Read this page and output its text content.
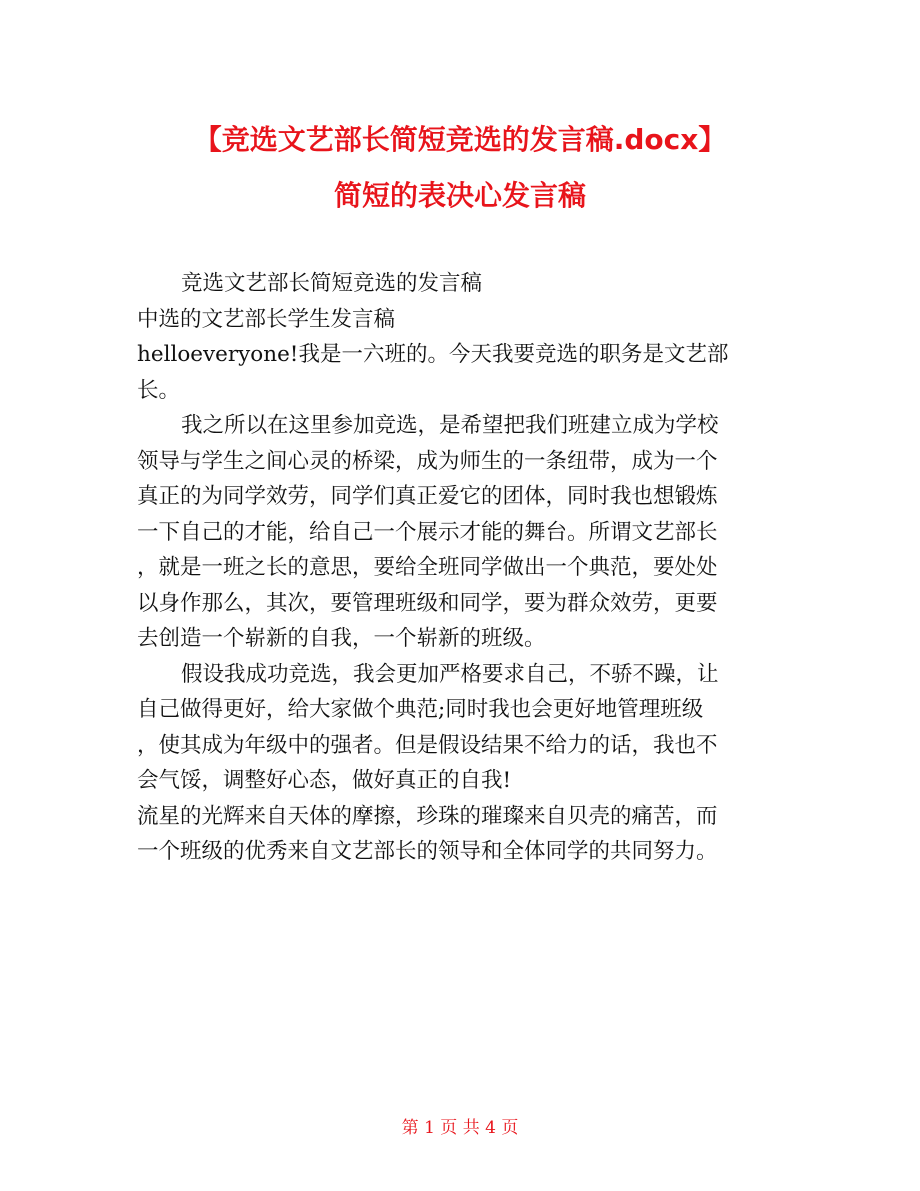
【竞选文艺部长简短竞选的发言稿.docx】
简短的表决心发言稿
竞选文艺部长简短竞选的发言稿
中选的文艺部长学生发言稿
helloeveryone!我是一六班的。今天我要竞选的职务是文艺部
长。
我之所以在这里参加竞选，是希望把我们班建立成为学校
领导与学生之间心灵的桥梁，成为师生的一条纽带，成为一个
真正的为同学效劳，同学们真正爱它的团体，同时我也想锻炼
一下自己的才能，给自己一个展示才能的舞台。所谓文艺部长
，就是一班之长的意思，要给全班同学做出一个典范，要处处
以身作那么，其次，要管理班级和同学，要为群众效劳，更要
去创造一个崭新的自我，一个崭新的班级。
假设我成功竞选，我会更加严格要求自己，不骄不躁，让
自己做得更好，给大家做个典范;同时我也会更好地管理班级
，使其成为年级中的强者。但是假设结果不给力的话，我也不
会气馁，调整好心态，做好真正的自我!
流星的光辉来自天体的摩擦，珍珠的璀璨来自贝壳的痛苦，而
一个班级的优秀来自文艺部长的领导和全体同学的共同努力。
第 1 页 共 4 页
